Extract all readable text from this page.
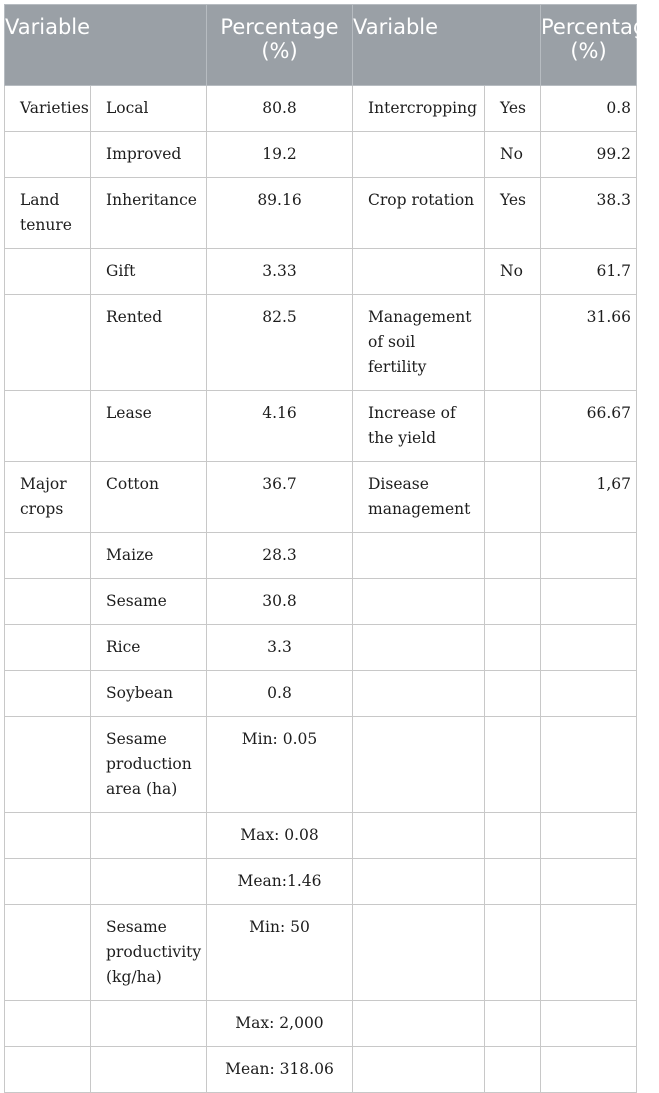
Variable		Percentage (%)	Variable		Percentage (%)

Varieties	Local	80.8	Intercropping	Yes	0.8

	Improved	19.2		No	99.2

Land tenure	Inheritance	89.16	Crop rotation	Yes	38.3

	Gift	3.33		No	61.7

	Rented	82.5	Management of soil fertility		31.66

	Lease	4.16	Increase of the yield		66.67

Major crops	Cotton	36.7	Disease management		1,67

	Maize	28.3			

	Sesame	30.8			

	Rice	3.3			

	Soybean	0.8			

	Sesame production area (ha)	Min: 0.05			

		Max: 0.08			

		Mean:1.46			

	Sesame productivity (kg/ha)	Min: 50			

		Max: 2,000			

		Mean: 318.06			
